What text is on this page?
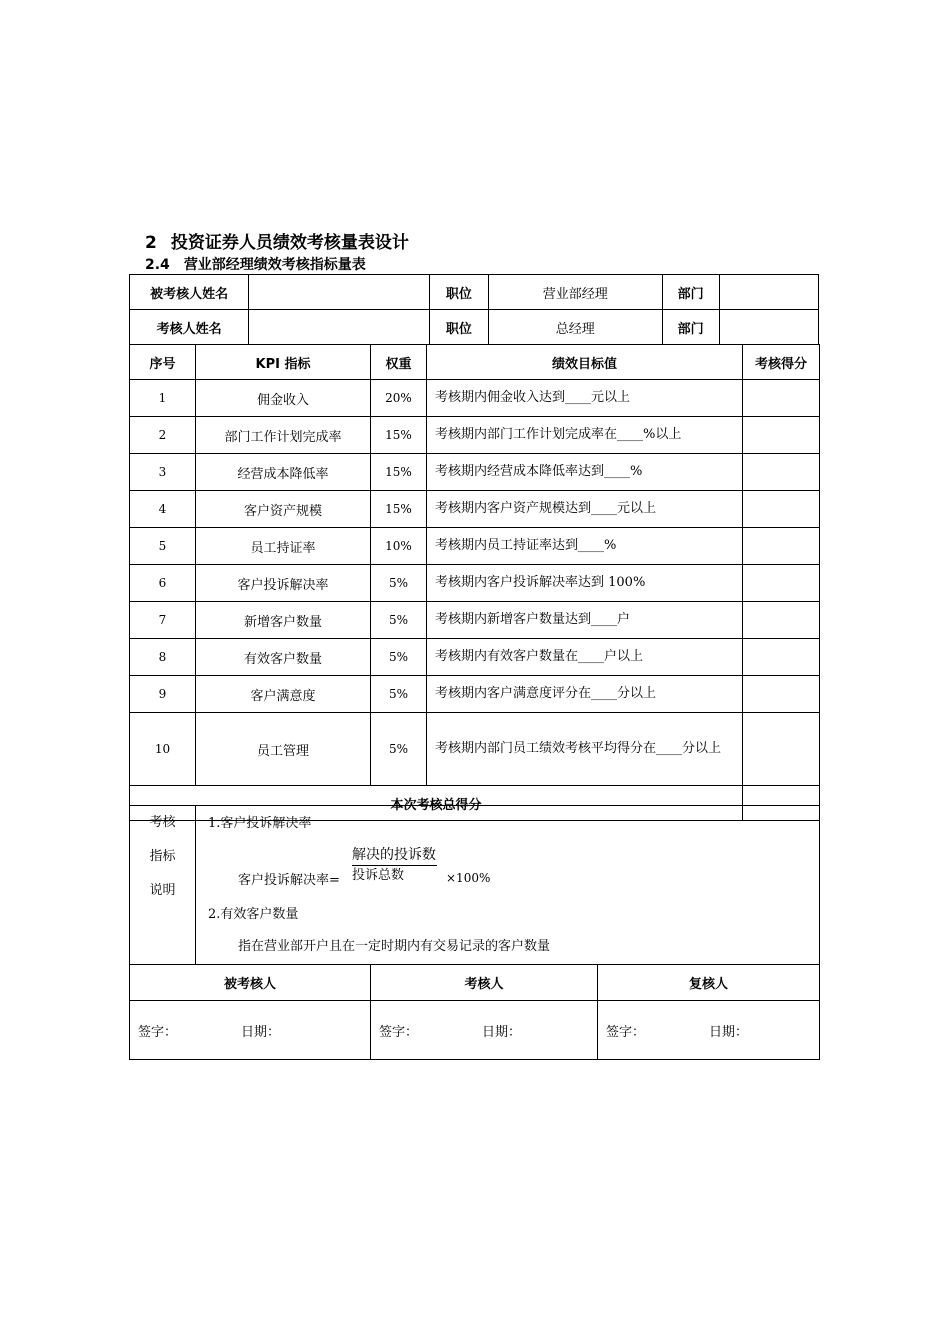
2 投资证券人员绩效考核量表设计
2.4 营业部经理绩效考核指标量表
被考核人姓名		职位	营业部经理	部门	
考核人姓名		职位	总经理	部门	
序号	KPI 指标	权重	绩效目标值	考核得分
1	佣金收入	20%	考核期内佣金收入达到____元以上	
2	部门工作计划完成率	15%	考核期内部门工作计划完成率在____%以上	
3	经营成本降低率	15%	考核期内经营成本降低率达到____%	
4	客户资产规模	15%	考核期内客户资产规模达到____元以上	
5	员工持证率	10%	考核期内员工持证率达到____%	
6	客户投诉解决率	5%	考核期内客户投诉解决率达到 100%	
7	新增客户数量	5%	考核期内新增客户数量达到____户	
8	有效客户数量	5%	考核期内有效客户数量在____户以上	
9	客户满意度	5%	考核期内客户满意度评分在____分以上	
10	员工管理	5%	考核期内部门员工绩效考核平均得分在____分以上	
本次考核总得分				
考核
指标
说明

1.客户投诉解决率
客户投诉解决率=
解决的投诉数
投诉总数	×100%
2.有效客户数量
指在营业部开户且在一定时期内有交易记录的客户数量
被考核人	考核人	复核人
签字： 日期：	签字： 日期：	签字： 日期：
